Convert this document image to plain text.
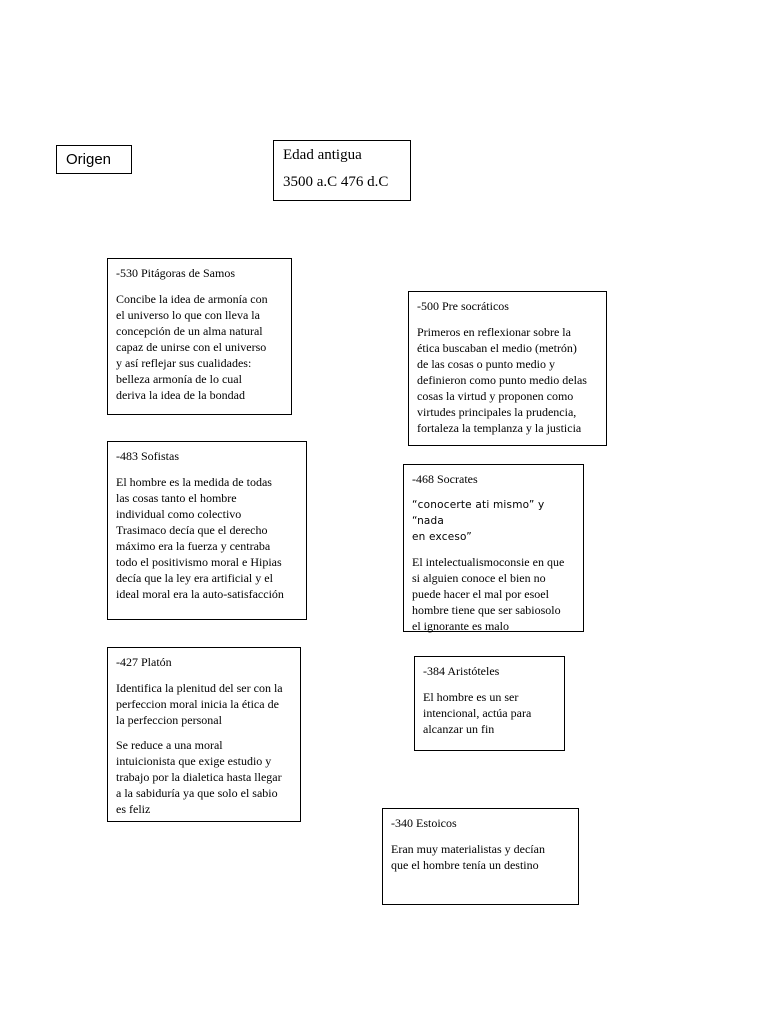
Origen	Edad antigua

3500 a.C 476 d.C

-530 Pitágoras de Samos

Concibe la idea de armonía con
el universo lo que con lleva la
concepción de un alma natural
capaz de unirse con el universo
y así reflejar sus cualidades:
belleza armonía de lo cual
deriva la idea de la bondad

-500 Pre socráticos

Primeros en reflexionar sobre la
ética buscaban el medio (metrón)
de las cosas o punto medio y
definieron como punto medio delas
cosas la virtud y proponen como
virtudes principales la prudencia,
fortaleza la templanza y la justicia

-483 Sofistas

El hombre es la medida de todas
las cosas tanto el hombre
individual como colectivo
Trasimaco decía que el derecho
máximo era la fuerza y centraba
todo el positivismo moral e Hipias
decía que la ley era artificial y el
ideal moral era la auto-satisfacción

-468 Socrates

“conocerte ati mismo” y “nada
en exceso”

El intelectualismoconsie en que
si alguien conoce el bien no
puede hacer el mal por esoel
hombre tiene que ser sabiosolo
el ignorante es malo

-427 Platón

Identifica la plenitud del ser con la
perfeccion moral inicia la ética de
la perfeccion personal

Se reduce a una moral
intuicionista que exige estudio y
trabajo por la dialetica hasta llegar
a la sabiduría ya que solo el sabio
es feliz

-384 Aristóteles

El hombre es un ser
intencional, actúa para
alcanzar un fin

-340 Estoicos

Eran muy materialistas y decían
que el hombre tenía un destino
